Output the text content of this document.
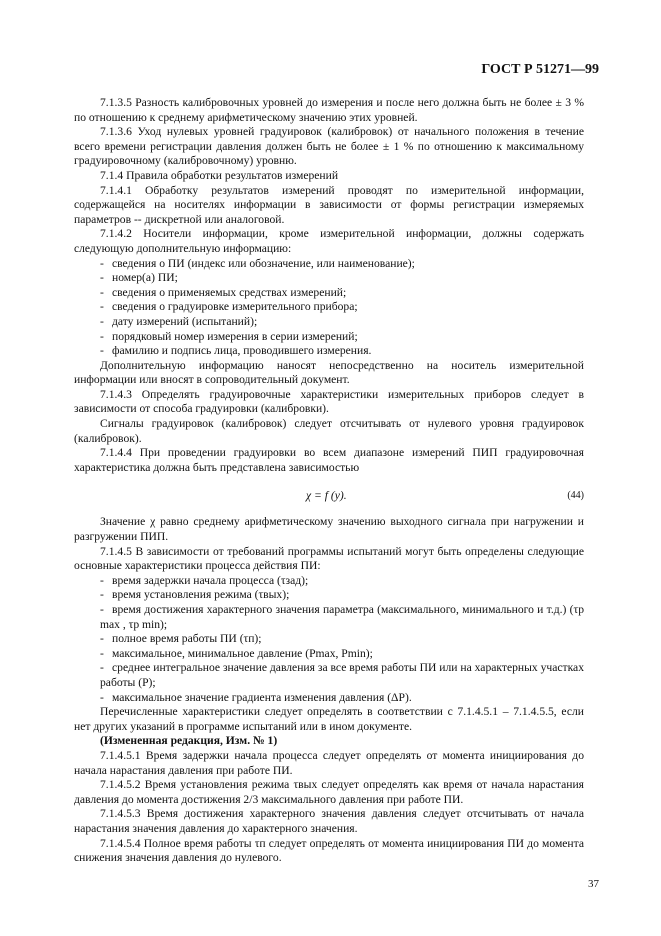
ГОСТ Р 51271—99
7.1.3.5 Разность калибровочных уровней до измерения и после него должна быть не более ± 3 % по отношению к среднему арифметическому значению этих уровней.
7.1.3.6 Уход нулевых уровней градуировок (калибровок) от начального положения в течение всего времени регистрации давления должен быть не более ± 1 % по отношению к максимальному градуировочному (калибровочному) уровню.
7.1.4 Правила обработки результатов измерений
7.1.4.1 Обработку результатов измерений проводят по измерительной информации, содержащейся на носителях информации в зависимости от формы регистрации измеряемых параметров -- дискретной или аналоговой.
7.1.4.2 Носители информации, кроме измерительной информации, должны содержать следующую дополнительную информацию:
- сведения о ПИ (индекс или обозначение, или наименование);
- номер(а) ПИ;
- сведения о применяемых средствах измерений;
- сведения о градуировке измерительного прибора;
- дату измерений (испытаний);
- порядковый номер измерения в серии измерений;
- фамилию и подпись лица, проводившего измерения.
Дополнительную информацию наносят непосредственно на носитель измерительной информации или вносят в сопроводительный документ.
7.1.4.3 Определять градуировочные характеристики измерительных приборов следует в зависимости от способа градуировки (калибровки).
Сигналы градуировок (калибровок) следует отсчитывать от нулевого уровня градуировок (калибровок).
7.1.4.4 При проведении градуировки во всем диапазоне измерений ПИП градуировочная характеристика должна быть представлена зависимостью
χ = f (y).	(44)
Значение χ равно среднему арифметическому значению выходного сигнала при нагружении и разгружении ПИП.
7.1.4.5 В зависимости от требований программы испытаний могут быть определены следующие основные характеристики процесса действия ПИ:
- время задержки начала процесса (τзад);
- время установления режима (τвых);
- время достижения характерного значения параметра (максимального, минимального и т.д.) (τp max , τp min);
- полное время работы ПИ (τп);
- максимальное, минимальное давление (Pmax, Pmin);
- среднее интегральное значение давления за все время работы ПИ или на характерных участках работы (P);
- максимальное значение градиента изменения давления (ΔP).
Перечисленные характеристики следует определять в соответствии с 7.1.4.5.1 – 7.1.4.5.5, если нет других указаний в программе испытаний или в ином документе.
(Измененная редакция, Изм. № 1)
7.1.4.5.1 Время задержки начала процесса следует определять от момента инициирования до начала нарастания давления при работе ПИ.
7.1.4.5.2 Время установления режима τвых следует определять как время от начала нарастания давления до момента достижения 2/3 максимального давления при работе ПИ.
7.1.4.5.3 Время достижения характерного значения давления следует отсчитывать от начала нарастания значения давления до характерного значения.
7.1.4.5.4 Полное время работы τп следует определять от момента инициирования ПИ до момента снижения значения давления до нулевого.
37
